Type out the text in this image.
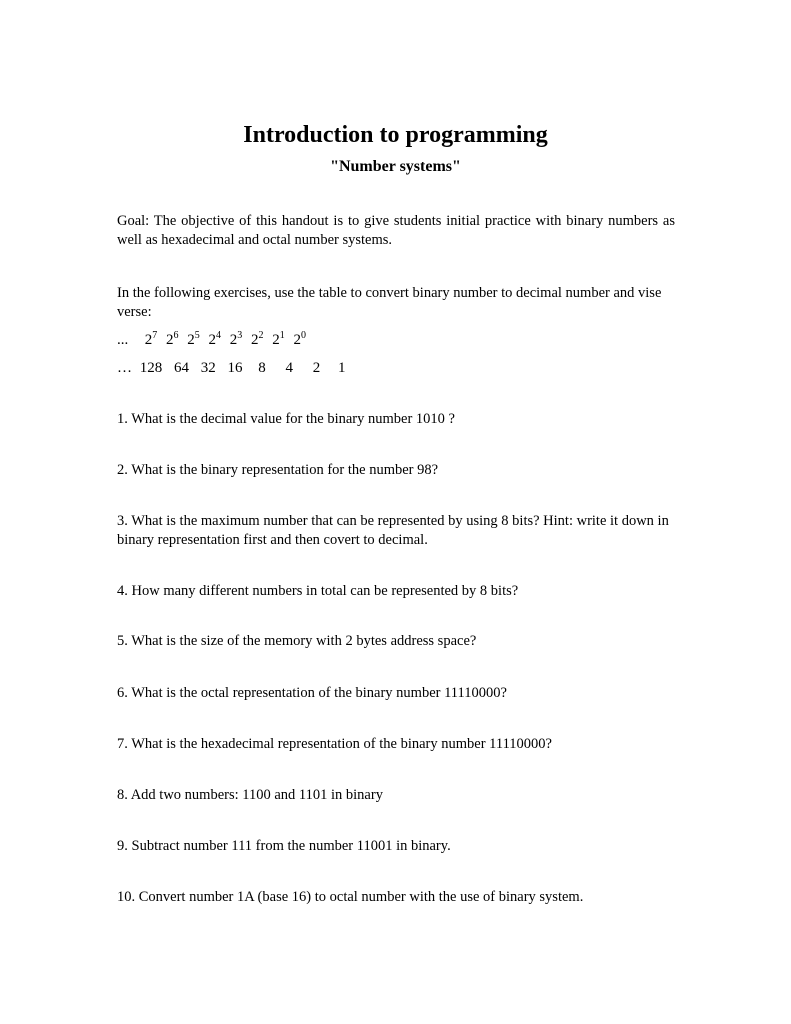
Introduction to programming
"Number systems"

Goal: The objective of this handout is to give students initial practice with binary numbers as well as hexadecimal and octal number systems.

In the following exercises, use the table to convert binary number to decimal number and vise verse:

... $2^7$ $2^6$ $2^5$ $2^4$ $2^3$ $2^2$ $2^1$ $2^0$
… 128 64 32 16 8 4 2 1

1. What is the decimal value for the binary number 1010 ?

2. What is the binary representation for the number 98?

3. What is the maximum number that can be represented by using 8 bits? Hint: write it down in binary representation first and then covert to decimal.

4. How many different numbers in total can be represented by 8 bits?

5. What is the size of the memory with 2 bytes address space?

6. What is the octal representation of the binary number 11110000?

7. What is the hexadecimal representation of the binary number 11110000?

8. Add two numbers: 1100 and 1101 in binary

9. Subtract number 111 from the number 11001 in binary.

10. Convert number 1A (base 16) to octal number with the use of binary system.
